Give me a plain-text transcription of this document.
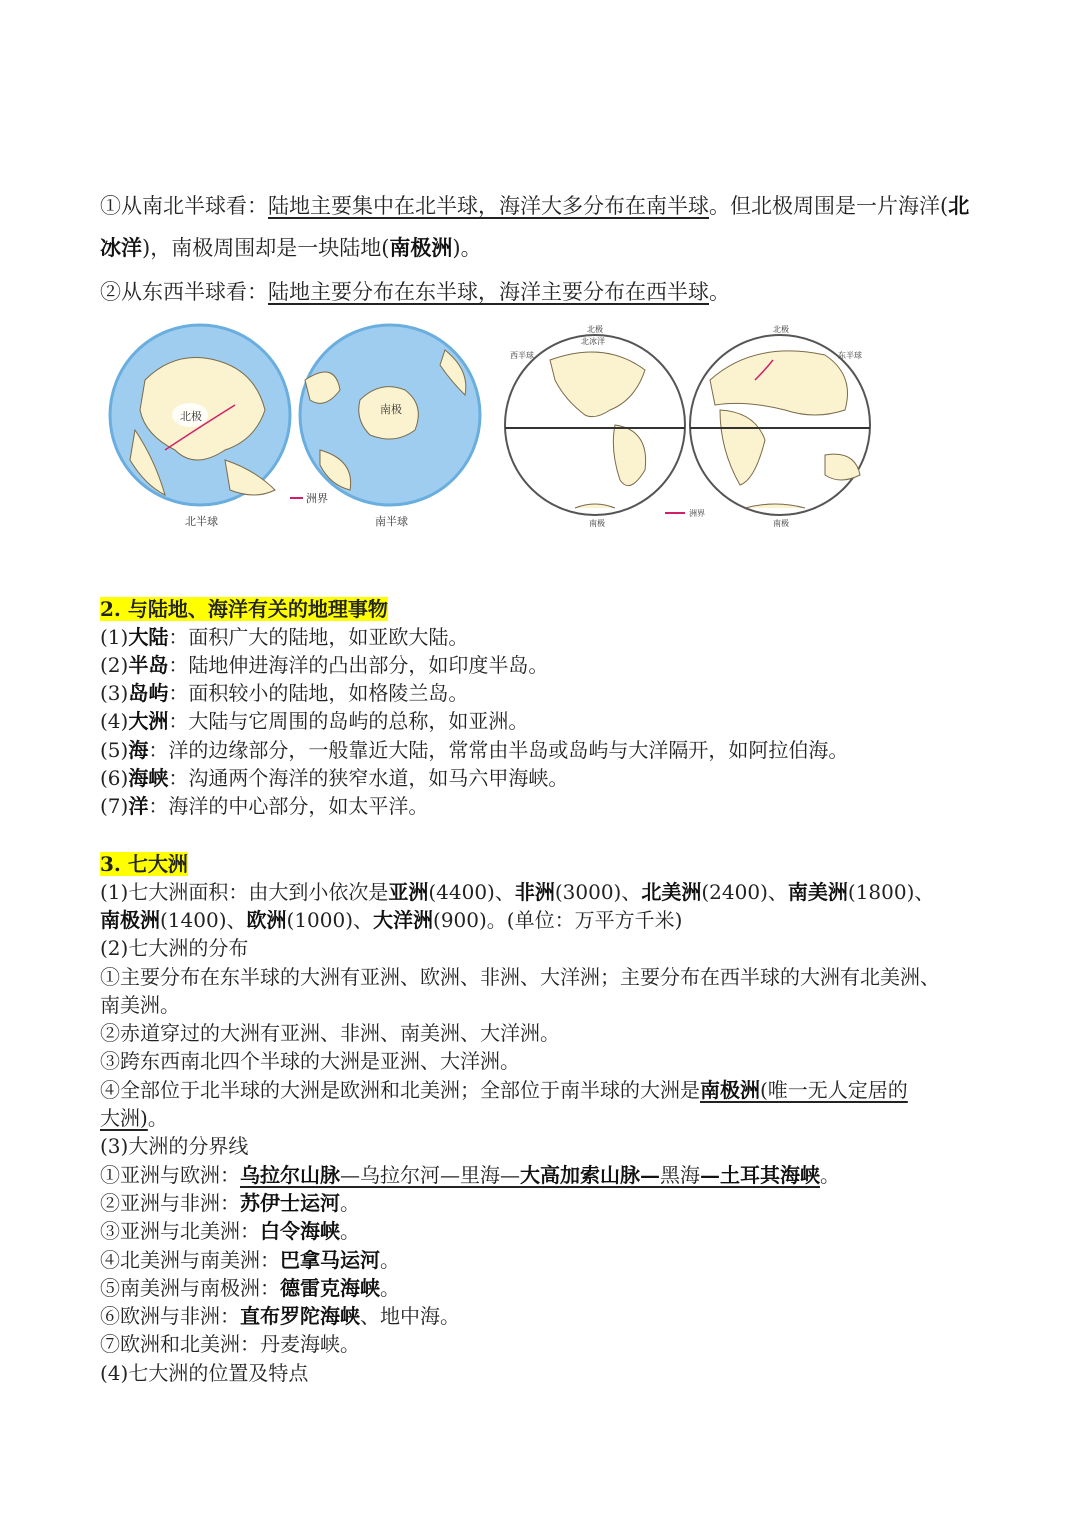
①从南北半球看：陆地主要集中在北半球，海洋大多分布在南半球。但北极周围是一片海洋(北
冰洋)，南极周围却是一块陆地(南极洲)。
②从东西半球看：陆地主要分布在东半球，海洋主要分布在西半球。
北极
北半球
洲界
南极
南半球
北极
北冰洋
西半球
南极
北极
东半球
南极
洲界
2. 与陆地、海洋有关的地理事物
(1)大陆：面积广大的陆地，如亚欧大陆。
(2)半岛：陆地伸进海洋的凸出部分，如印度半岛。
(3)岛屿：面积较小的陆地，如格陵兰岛。
(4)大洲：大陆与它周围的岛屿的总称，如亚洲。
(5)海：洋的边缘部分，一般靠近大陆，常常由半岛或岛屿与大洋隔开，如阿拉伯海。
(6)海峡：沟通两个海洋的狭窄水道，如马六甲海峡。
(7)洋：海洋的中心部分，如太平洋。
3. 七大洲
(1)七大洲面积：由大到小依次是亚洲(4400)、非洲(3000)、北美洲(2400)、南美洲(1800)、
南极洲(1400)、欧洲(1000)、大洋洲(900)。(单位：万平方千米)
(2)七大洲的分布
①主要分布在东半球的大洲有亚洲、欧洲、非洲、大洋洲；主要分布在西半球的大洲有北美洲、
南美洲。
②赤道穿过的大洲有亚洲、非洲、南美洲、大洋洲。
③跨东西南北四个半球的大洲是亚洲、大洋洲。
④全部位于北半球的大洲是欧洲和北美洲；全部位于南半球的大洲是南极洲(唯一无人定居的
大洲)。
(3)大洲的分界线
①亚洲与欧洲：乌拉尔山脉—乌拉尔河—里海—大高加索山脉—黑海—土耳其海峡。
②亚洲与非洲：苏伊士运河。
③亚洲与北美洲：白令海峡。
④北美洲与南美洲：巴拿马运河。
⑤南美洲与南极洲：德雷克海峡。
⑥欧洲与非洲：直布罗陀海峡、地中海。
⑦欧洲和北美洲：丹麦海峡。
(4)七大洲的位置及特点
